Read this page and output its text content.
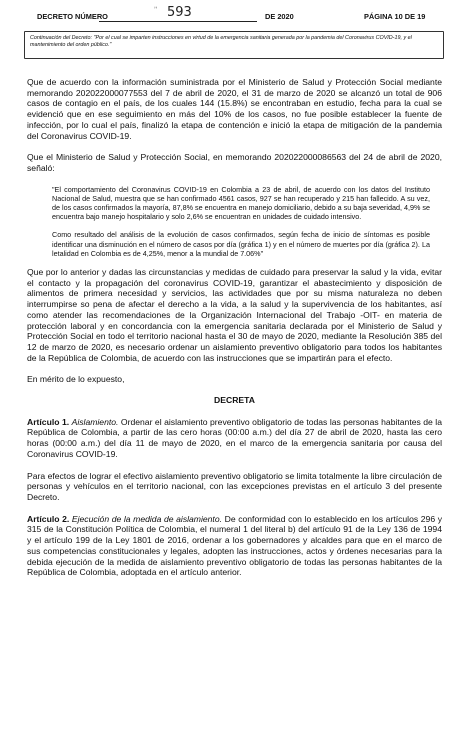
DECRETO NÚMERO
ʼʼ 593	DE 2020	PÁGINA 10 DE 19
Continuación del Decreto: "Por el cual se imparten instrucciones en virtud de la emergencia sanitaria generada por la pandemia del Coronavirus COVID-19, y el mantenimiento del orden público."

Que de acuerdo con la información suministrada por el Ministerio de Salud y Protección Social mediante memorando 202022000077553 del 7 de abril de 2020, el 31 de marzo de 2020 se alcanzó un total de 906 casos de contagio en el país, de los cuales 144 (15.8%) se encontraban en estudio, fecha para la cual se evidenció que en ese seguimiento en más del 10% de los casos, no fue posible establecer la fuente de infección, por lo cual el país, finalizó la etapa de contención e inició la etapa de mitigación de la pandemia del Coronavirus COVID-19.

Que el Ministerio de Salud y Protección Social, en memorando 202022000086563 del 24 de abril de 2020, señaló:

"El comportamiento del Coronavirus COVID-19 en Colombia a 23 de abril, de acuerdo con los datos del Instituto Nacional de Salud, muestra que se han confirmado 4561 casos, 927 se han recuperado y 215 han fallecido. A su vez, de los casos confirmados la mayoría, 87,8% se encuentra en manejo domiciliario, debido a su baja severidad, 4,9% se encuentra bajo manejo hospitalario y solo 2,6% se encuentran en unidades de cuidado intensivo.

Como resultado del análisis de la evolución de casos confirmados, según fecha de inicio de síntomas es posible identificar una disminución en el número de casos por día (gráfica 1) y en el número de muertes por día (gráfica 2). La letalidad en Colombia es de 4,25%, menor a la mundial de 7.06%"

Que por lo anterior y dadas las circunstancias y medidas de cuidado para preservar la salud y la vida, evitar el contacto y la propagación del coronavirus COVID-19, garantizar el abastecimiento y disposición de alimentos de primera necesidad y servicios, las actividades que por su misma naturaleza no deben interrumpirse so pena de afectar el derecho a la vida, a la salud y la supervivencia de los habitantes, así como atender las recomendaciones de la Organización Internacional del Trabajo -OIT- en materia de protección laboral y en concordancia con la emergencia sanitaria declarada por el Ministerio de Salud y Protección Social en todo el territorio nacional hasta el 30 de mayo de 2020, mediante la Resolución 385 del 12 de marzo de 2020, es necesario ordenar un aislamiento preventivo obligatorio para todos los habitantes de la República de Colombia, de acuerdo con las instrucciones que se impartirán para el efecto.

En mérito de lo expuesto,

DECRETA

Artículo 1. Aislamiento. Ordenar el aislamiento preventivo obligatorio de todas las personas habitantes de la República de Colombia, a partir de las cero horas (00:00 a.m.) del día 27 de abril de 2020, hasta las cero horas (00:00 a.m.) del día 11 de mayo de 2020, en el marco de la emergencia sanitaria por causa del Coronavirus COVID-19.

Para efectos de lograr el efectivo aislamiento preventivo obligatorio se limita totalmente la libre circulación de personas y vehículos en el territorio nacional, con las excepciones previstas en el artículo 3 del presente Decreto.

Artículo 2. Ejecución de la medida de aislamiento. De conformidad con lo establecido en los artículos 296 y 315 de la Constitución Política de Colombia, el numeral 1 del literal b) del artículo 91 de la Ley 136 de 1994 y el artículo 199 de la Ley 1801 de 2016, ordenar a los gobernadores y alcaldes para que en el marco de sus competencias constitucionales y legales, adopten las instrucciones, actos y órdenes necesarias para la debida ejecución de la medida de aislamiento preventivo obligatorio de todas las personas habitantes de la República de Colombia, adoptada en el artículo anterior.
